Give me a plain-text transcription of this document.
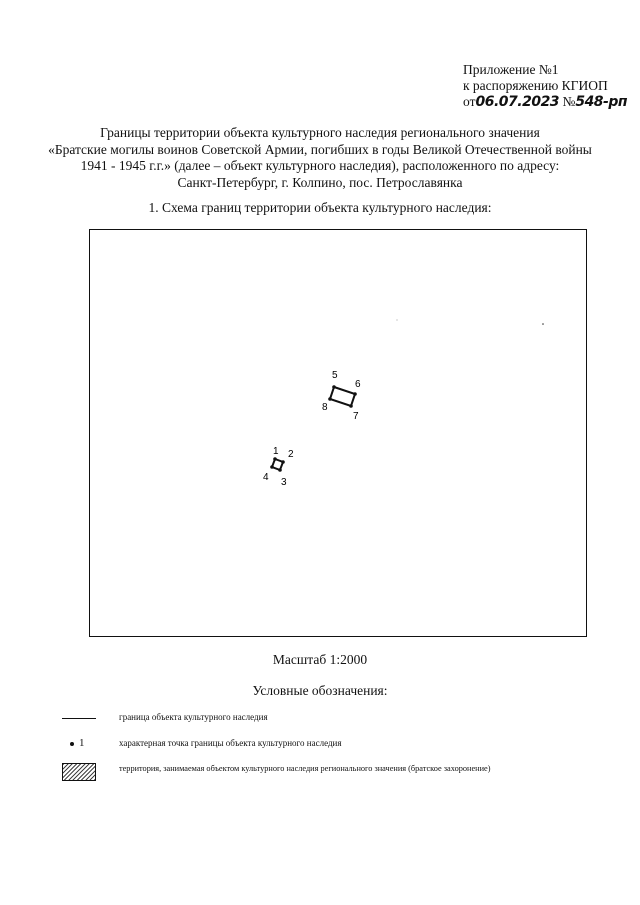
Приложение №1
к распоряжению КГИОП
от06.07.2023 №548-рп
Границы территории объекта культурного наследия регионального значения
«Братские могилы воинов Советской Армии, погибших в годы Великой Отечественной войны
1941 - 1945 г.г.» (далее – объект культурного наследия), расположенного по адресу:
Санкт-Петербург, г. Колпино, пос. Петрославянка
1. Схема границ территории объекта культурного наследия:
1 2
3
4
5
6
7
8
Масштаб 1:2000
Условные обозначения:
граница объекта культурного наследия
1	характерная точка границы объекта культурного наследия
территория, занимаемая объектом культурного наследия регионального значения (братское захоронение)
